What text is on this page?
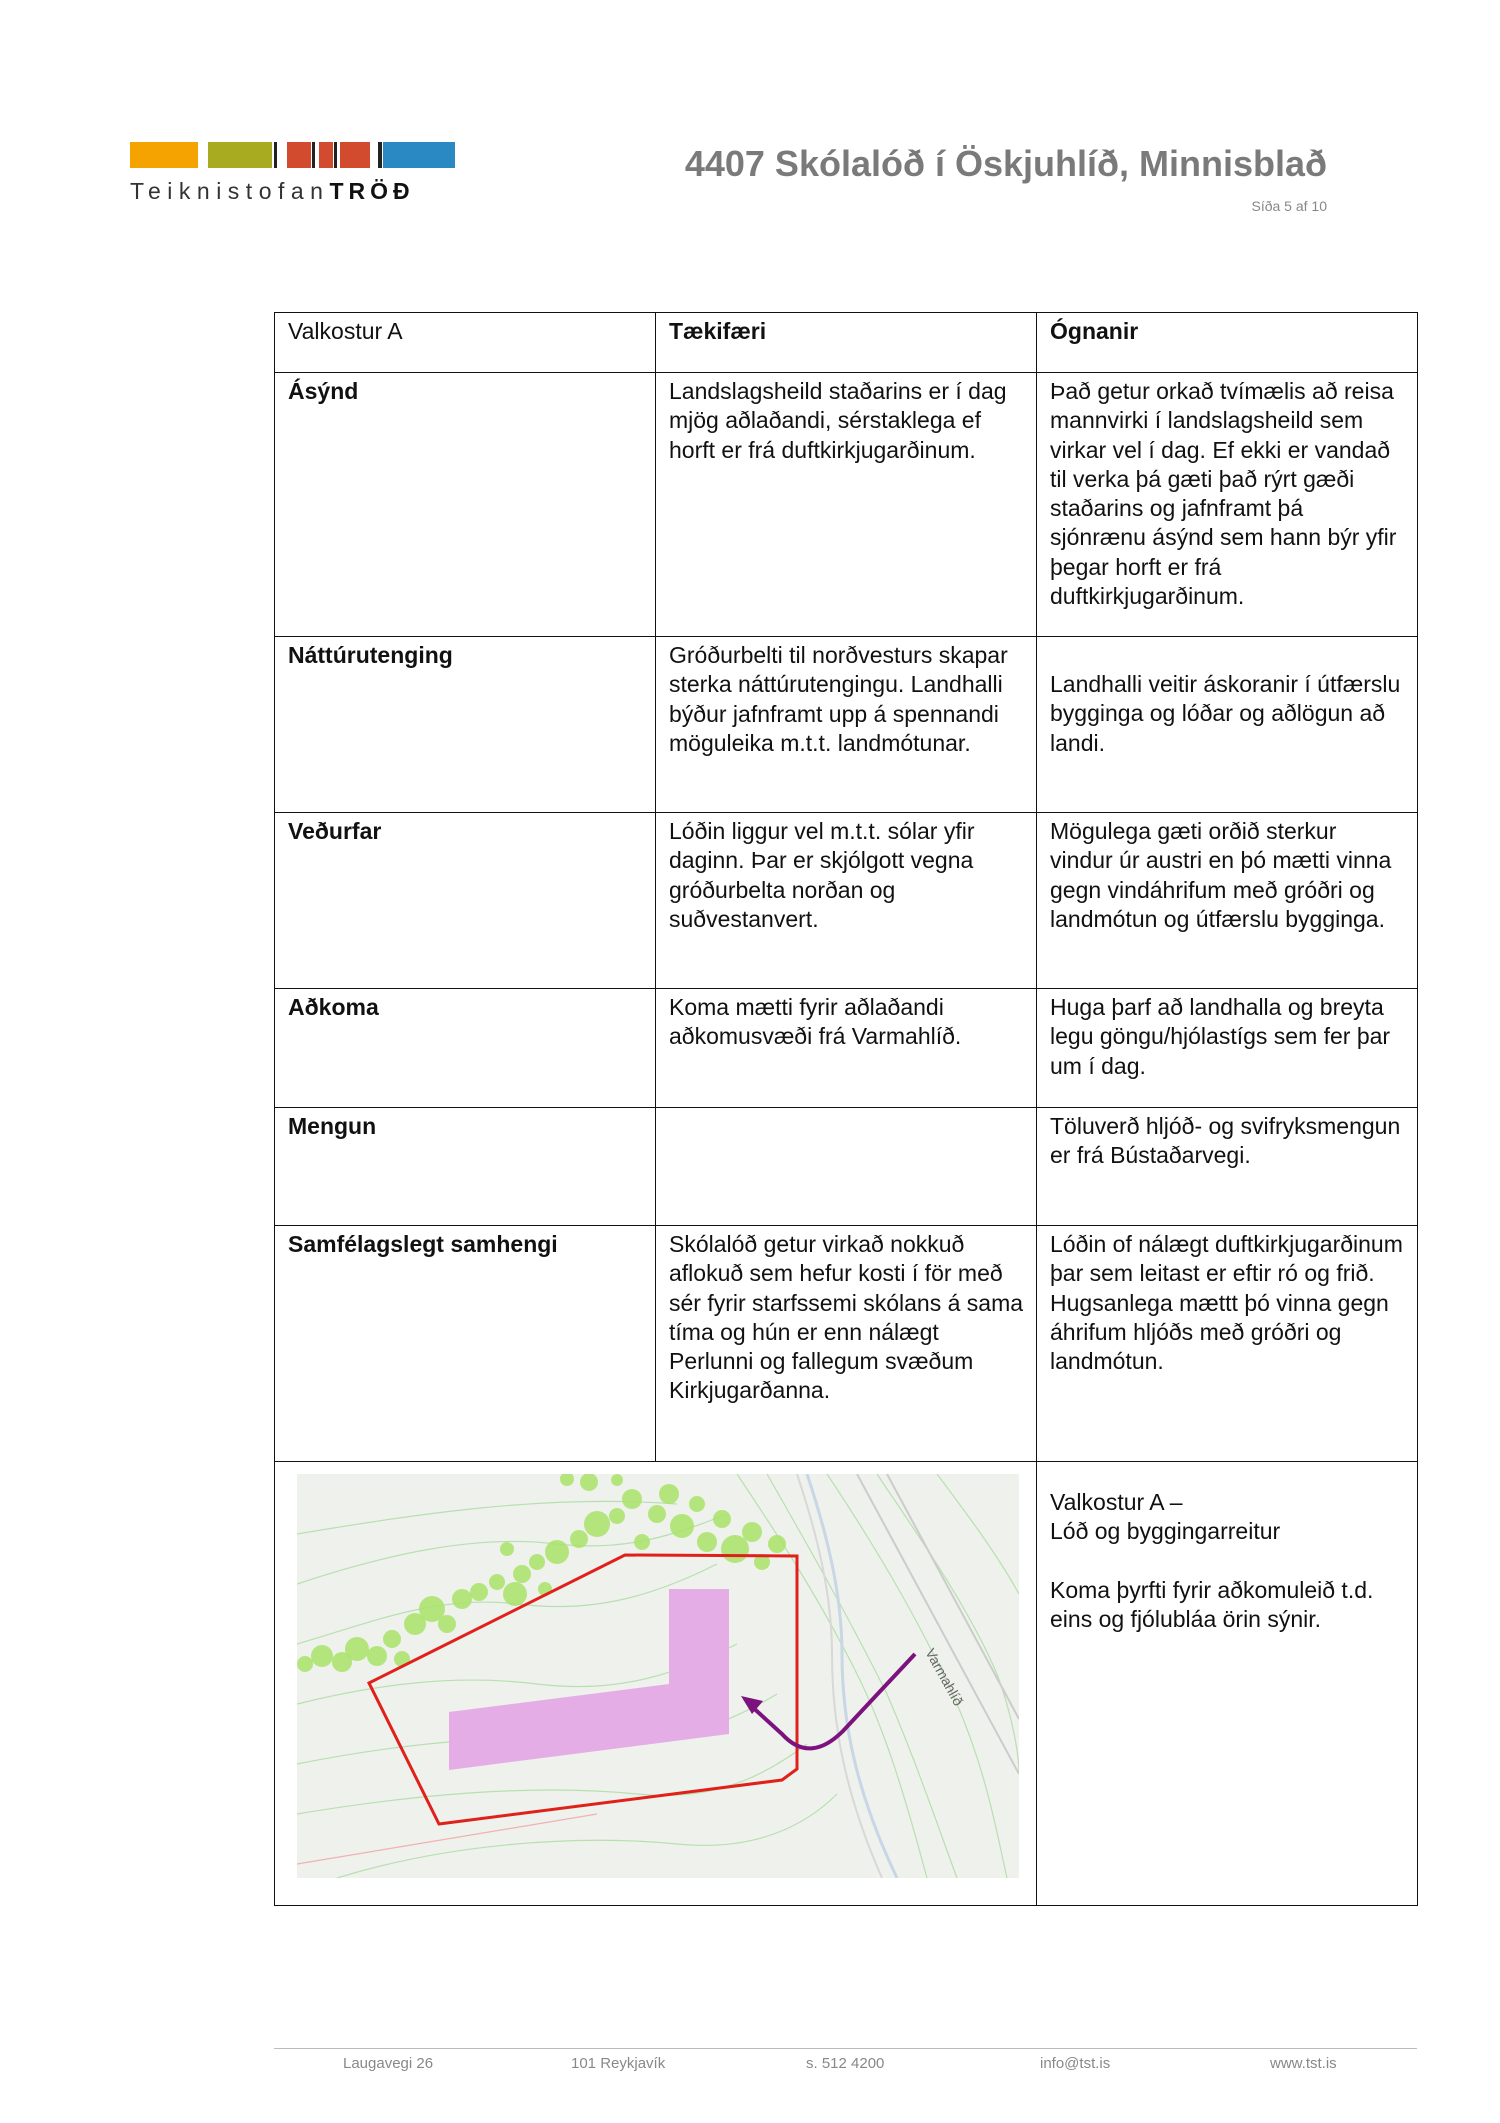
TeiknistofanTRÖÐ
4407 Skólalóð í Öskjuhlíð, Minnisblað
Síða 5 af 10
Valkostur A	Tækifæri	Ógnanir
Ásýnd	Landslagsheild staðarins er í dag mjög aðlaðandi, sérstaklega ef horft er frá duftkirkjugarðinum.	Það getur orkað tvímælis að reisa mannvirki í landslagsheild sem virkar vel í dag. Ef ekki er vandað til verka þá gæti það rýrt gæði staðarins og jafnframt þá sjónrænu ásýnd sem hann býr yfir þegar horft er frá duftkirkjugarðinum.
Náttúrutenging	Gróðurbelti til norðvesturs skapar sterka náttúrutengingu. Landhalli býður jafnframt upp á spennandi möguleika m.t.t. landmótunar.	Landhalli veitir áskoranir í útfærslu bygginga og lóðar og aðlögun að landi.
Veðurfar	Lóðin liggur vel m.t.t. sólar yfir daginn. Þar er skjólgott vegna gróðurbelta norðan og suðvestanvert.	Mögulega gæti orðið sterkur vindur úr austri en þó mætti vinna gegn vindáhrifum með gróðri og landmótun og útfærslu bygginga.
Aðkoma	Koma mætti fyrir aðlaðandi aðkomusvæði frá Varmahlíð.	Huga þarf að landhalla og breyta legu göngu/hjólastígs sem fer þar um í dag.
Mengun		Töluverð hljóð- og svifryksmengun er frá Bústaðarvegi.
Samfélagslegt samhengi	Skólalóð getur virkað nokkuð aflokuð sem hefur kosti í för með sér fyrir starfssemi skólans á sama tíma og hún er enn nálægt Perlunni og fallegum svæðum Kirkjugarðanna.	Lóðin of nálægt duftkirkjugarðinum þar sem leitast er eftir ró og frið. Hugsanlega mættt þó vinna gegn áhrifum hljóðs með gróðri og landmótun.

Varmahlíð		Valkostur A –
Lóð og byggingarreitur
Koma þyrfti fyrir aðkomuleið t.d. eins og fjólubláa örin sýnir.
Laugavegi 26	101 Reykjavík	s. 512 4200	info@tst.is	www.tst.is
